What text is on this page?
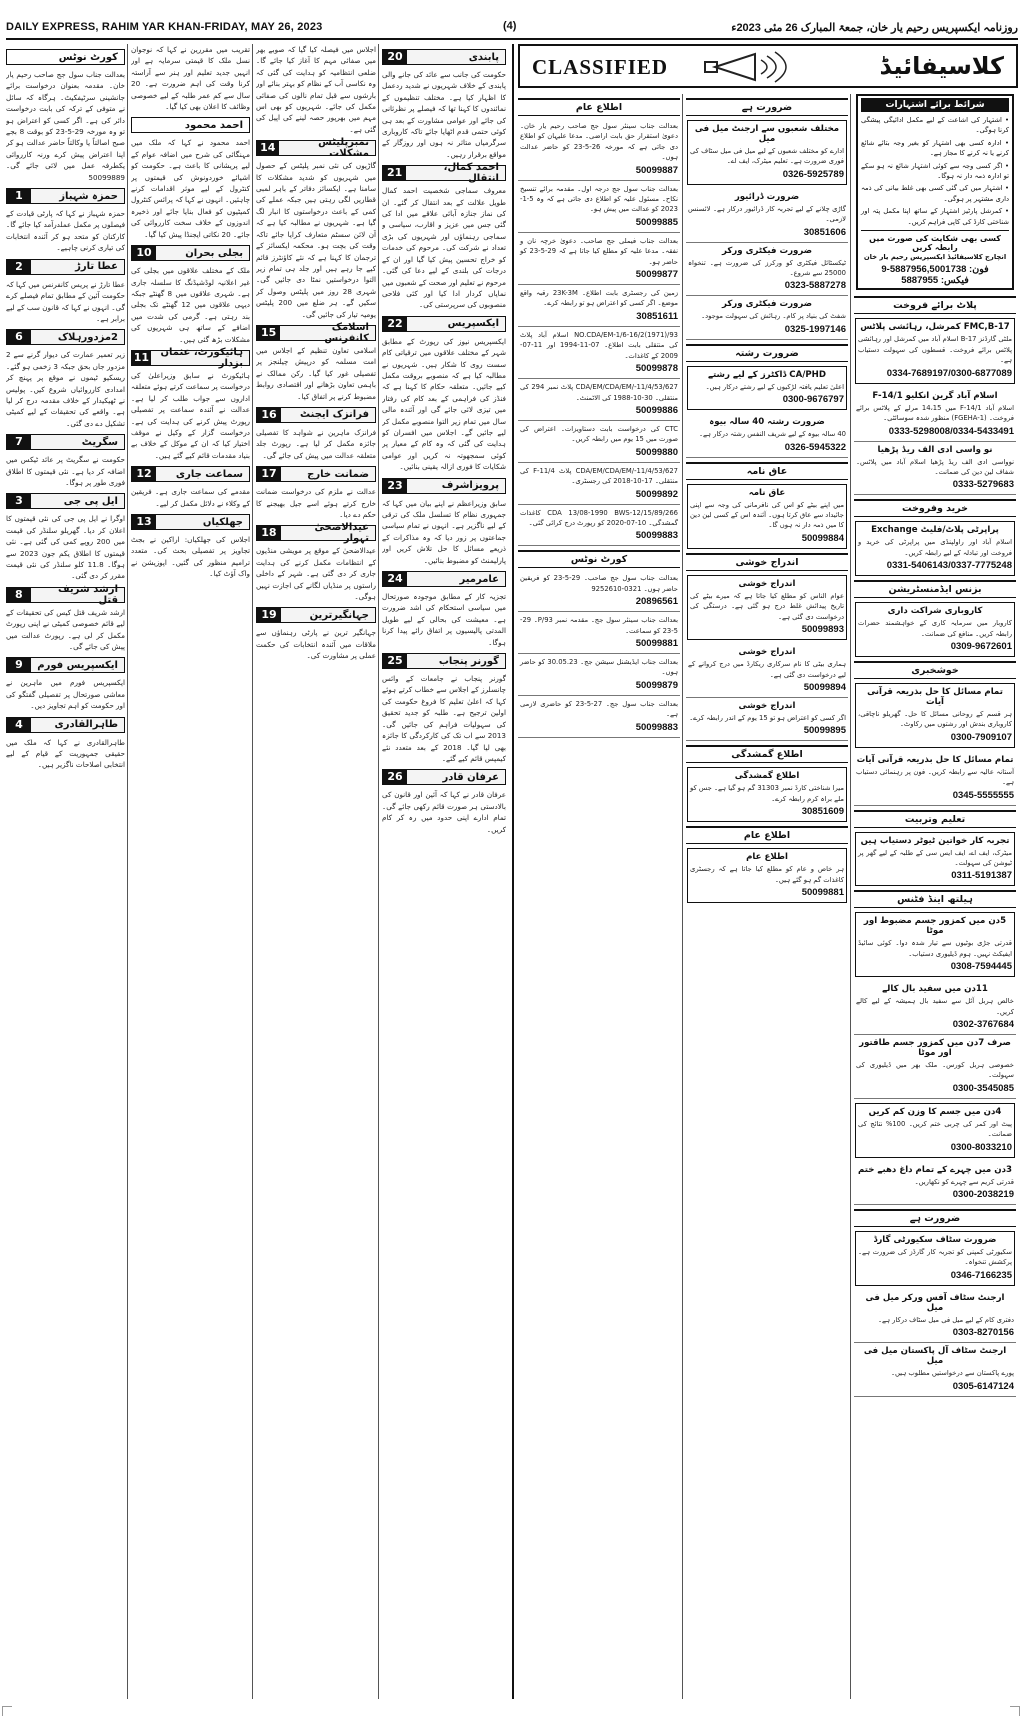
DAILY EXPRESS, RAHIM YAR KHAN-FRIDAY, MAY 26, 2023	(4)	روزنامہ ایکسپریس رحیم یار خان، جمعۃ المبارک 26 مئی 2023ء
پابندی
20

حکومت کی جانب سے عائد کی جانے والی پابندی کے خلاف شہریوں نے شدید ردعمل کا اظہار کیا ہے۔ مختلف تنظیموں کے نمائندوں کا کہنا تھا کہ فیصلے پر نظرثانی کی جائے اور عوامی مشاورت کے بعد ہی کوئی حتمی قدم اٹھایا جائے تاکہ کاروباری سرگرمیاں متاثر نہ ہوں اور روزگار کے مواقع برقرار رہیں۔

احمد کمال، انتقال
21

معروف سماجی شخصیت احمد کمال طویل علالت کے بعد انتقال کر گئے۔ ان کی نماز جنازہ آبائی علاقے میں ادا کی گئی جس میں عزیز و اقارب، سیاسی و سماجی رہنماؤں اور شہریوں کی بڑی تعداد نے شرکت کی۔ مرحوم کی خدمات کو خراج تحسین پیش کیا گیا اور ان کے درجات کی بلندی کے لیے دعا کی گئی۔ مرحوم نے تعلیم اور صحت کے شعبوں میں نمایاں کردار ادا کیا اور کئی فلاحی منصوبوں کی سرپرستی کی۔

ایکسپریس
22

ایکسپریس نیوز کی رپورٹ کے مطابق شہر کے مختلف علاقوں میں ترقیاتی کام سست روی کا شکار ہیں۔ شہریوں نے مطالبہ کیا ہے کہ منصوبے بروقت مکمل کیے جائیں۔ متعلقہ حکام کا کہنا ہے کہ فنڈز کی فراہمی کے بعد کام کی رفتار میں تیزی لائی جائے گی اور آئندہ مالی سال میں تمام زیر التوا منصوبے مکمل کر لیے جائیں گے۔ اجلاس میں افسران کو ہدایت کی گئی کہ وہ کام کے معیار پر کوئی سمجھوتہ نہ کریں اور عوامی شکایات کا فوری ازالہ یقینی بنائیں۔

پرویزاشرف
23

سابق وزیراعظم نے اپنے بیان میں کہا کہ جمہوری نظام کا تسلسل ملک کی ترقی کے لیے ناگزیر ہے۔ انہوں نے تمام سیاسی جماعتوں پر زور دیا کہ وہ مذاکرات کے ذریعے مسائل کا حل تلاش کریں اور پارلیمنٹ کو مضبوط بنائیں۔

عامرمیر
24

تجزیہ کار کے مطابق موجودہ صورتحال میں سیاسی استحکام کی اشد ضرورت ہے۔ معیشت کی بحالی کے لیے طویل المدتی پالیسیوں پر اتفاق رائے پیدا کرنا ہوگا۔

گورنر پنجاب
25

گورنر پنجاب نے جامعات کے وائس چانسلرز کے اجلاس سے خطاب کرتے ہوئے کہا کہ اعلیٰ تعلیم کا فروغ حکومت کی اولین ترجیح ہے۔ طلبہ کو جدید تحقیق کی سہولیات فراہم کی جائیں گی۔ 2013 سے اب تک کی کارکردگی کا جائزہ بھی لیا گیا۔ 2018 کے بعد متعدد نئے کیمپس قائم کیے گئے۔

عرفان قادر
26

عرفان قادر نے کہا کہ آئین اور قانون کی بالادستی ہر صورت قائم رکھی جائے گی۔ تمام ادارے اپنی حدود میں رہ کر کام کریں۔

اجلاس میں فیصلہ کیا گیا کہ صوبے بھر میں صفائی مہم کا آغاز کیا جائے گا۔ ضلعی انتظامیہ کو ہدایت کی گئی کہ وہ نکاسی آب کے نظام کو بہتر بنائے اور بارشوں سے قبل تمام نالوں کی صفائی مکمل کی جائے۔ شہریوں کو بھی اس مہم میں بھرپور حصہ لینے کی اپیل کی گئی ہے۔

نمبرپلیٹس مشکلات
14

گاڑیوں کی نئی نمبر پلیٹس کے حصول میں شہریوں کو شدید مشکلات کا سامنا ہے۔ ایکسائز دفاتر کے باہر لمبی قطاریں لگی رہتی ہیں جبکہ عملے کی کمی کے باعث درخواستوں کا انبار لگ گیا ہے۔ شہریوں نے مطالبہ کیا ہے کہ آن لائن سسٹم متعارف کرایا جائے تاکہ وقت کی بچت ہو۔ محکمہ ایکسائز کے ترجمان کا کہنا ہے کہ نئے کاؤنٹرز قائم کیے جا رہے ہیں اور جلد ہی تمام زیر التوا درخواستیں نمٹا دی جائیں گی۔ شہری 28 روز میں پلیٹس وصول کر سکیں گے۔ ہر ضلع میں 200 پلیٹس یومیہ تیار کی جائیں گی۔

اسلامک کانفرنس
15

اسلامی تعاون تنظیم کے اجلاس میں امت مسلمہ کو درپیش چیلنجز پر تفصیلی غور کیا گیا۔ رکن ممالک نے باہمی تعاون بڑھانے اور اقتصادی روابط مضبوط کرنے پر اتفاق کیا۔

فرانزک ایجنٹ
16

فرانزک ماہرین نے شواہد کا تفصیلی جائزہ مکمل کر لیا ہے۔ رپورٹ جلد متعلقہ عدالت میں پیش کی جائے گی۔

ضمانت خارج
17

عدالت نے ملزم کی درخواست ضمانت خارج کرتے ہوئے اسے جیل بھیجنے کا حکم دے دیا۔

عیدالاضحیٰ تہوار
18

عیدالاضحیٰ کے موقع پر مویشی منڈیوں کے انتظامات مکمل کرنے کی ہدایت جاری کر دی گئی ہے۔ شہر کے داخلی راستوں پر منڈیاں لگانے کی اجازت نہیں ہوگی۔

جہانگیرترین
19

جہانگیر ترین نے پارٹی رہنماؤں سے ملاقات میں آئندہ انتخابات کی حکمت عملی پر مشاورت کی۔

تقریب میں مقررین نے کہا کہ نوجوان نسل ملک کا قیمتی سرمایہ ہے اور انہیں جدید تعلیم اور ہنر سے آراستہ کرنا وقت کی اہم ضرورت ہے۔ 20 سال سے کم عمر طلبہ کے لیے خصوصی وظائف کا اعلان بھی کیا گیا۔

احمد محمود

احمد محمود نے کہا کہ ملک میں مہنگائی کی شرح میں اضافہ عوام کے لیے پریشانی کا باعث ہے۔ حکومت کو اشیائے خوردونوش کی قیمتوں پر کنٹرول کے لیے موثر اقدامات کرنے چاہئیں۔ انہوں نے کہا کہ پرائس کنٹرول کمیٹیوں کو فعال بنایا جائے اور ذخیرہ اندوزوں کے خلاف سخت کارروائی کی جائے۔ 20 نکاتی ایجنڈا پیش کیا گیا۔

بجلی بحران
10

ملک کے مختلف علاقوں میں بجلی کی غیر اعلانیہ لوڈشیڈنگ کا سلسلہ جاری ہے۔ شہری علاقوں میں 8 گھنٹے جبکہ دیہی علاقوں میں 12 گھنٹے تک بجلی بند رہتی ہے۔ گرمی کی شدت میں اضافے کے ساتھ ہی شہریوں کی مشکلات بڑھ گئی ہیں۔

ہائیکورٹ، عثمان بزدار
11

ہائیکورٹ نے سابق وزیراعلیٰ کی درخواست پر سماعت کرتے ہوئے متعلقہ اداروں سے جواب طلب کر لیا ہے۔ عدالت نے آئندہ سماعت پر تفصیلی رپورٹ پیش کرنے کی ہدایت کی ہے۔ درخواست گزار کے وکیل نے موقف اختیار کیا کہ ان کے موکل کے خلاف بے بنیاد مقدمات قائم کیے گئے ہیں۔

سماعت جاری
12

مقدمے کی سماعت جاری ہے۔ فریقین کے وکلاء نے دلائل مکمل کر لیے۔

جھلکیاں
13

اجلاس کی جھلکیاں: اراکین نے بجٹ تجاویز پر تفصیلی بحث کی۔ متعدد ترامیم منظور کی گئیں۔ اپوزیشن نے واک آؤٹ کیا۔

کورٹ نوٹس

بعدالت جناب سول جج صاحب رحیم یار خان۔ مقدمہ بعنوان درخواست برائے جانشینی سرٹیفکیٹ۔ ہرگاہ کہ سائل نے متوفی کے ترکہ کی بابت درخواست دائر کی ہے۔ اگر کسی کو اعتراض ہو تو وہ مورخہ 29-5-23 کو بوقت 8 بجے صبح اصالتاً یا وکالتاً حاضر عدالت ہو کر اپنا اعتراض پیش کرے ورنہ کارروائی یکطرفہ عمل میں لائی جائے گی۔ 50099889

حمزہ شہباز
1

حمزہ شہباز نے کہا کہ پارٹی قیادت کے فیصلوں پر مکمل عملدرآمد کیا جائے گا۔ کارکنان کو متحد ہو کر آئندہ انتخابات کی تیاری کرنی چاہیے۔

عطا تارڑ
2

عطا تارڑ نے پریس کانفرنس میں کہا کہ حکومت آئین کے مطابق تمام فیصلے کرے گی۔ انہوں نے کہا کہ قانون سب کے لیے برابر ہے۔

2مزدورہلاک
6

زیر تعمیر عمارت کی دیوار گرنے سے 2 مزدور جاں بحق جبکہ 3 زخمی ہو گئے۔ ریسکیو ٹیموں نے موقع پر پہنچ کر امدادی کارروائیاں شروع کیں۔ پولیس نے ٹھیکیدار کے خلاف مقدمہ درج کر لیا ہے۔ واقعے کی تحقیقات کے لیے کمیٹی تشکیل دے دی گئی۔

سگریٹ
7

حکومت نے سگریٹ پر عائد ٹیکس میں اضافہ کر دیا ہے۔ نئی قیمتوں کا اطلاق فوری طور پر ہوگا۔

ایل پی جی
3

اوگرا نے ایل پی جی کی نئی قیمتوں کا اعلان کر دیا۔ گھریلو سلنڈر کی قیمت میں 200 روپے کمی کی گئی ہے۔ نئی قیمتوں کا اطلاق یکم جون 2023 سے ہوگا۔ 11.8 کلو سلنڈر کی نئی قیمت مقرر کر دی گئی۔

ارشد شریف قتل
8

ارشد شریف قتل کیس کی تحقیقات کے لیے قائم خصوصی کمیٹی نے اپنی رپورٹ مکمل کر لی ہے۔ رپورٹ عدالت میں پیش کی جائے گی۔

ایکسپریس فورم
9

ایکسپریس فورم میں ماہرین نے معاشی صورتحال پر تفصیلی گفتگو کی اور حکومت کو اہم تجاویز دیں۔

طاہرالقادری
4

طاہرالقادری نے کہا کہ ملک میں حقیقی جمہوریت کے قیام کے لیے انتخابی اصلاحات ناگزیر ہیں۔

CLASSIFIED	کلاسیفائیڈ
شرائط برائے اشتہارات
• اشتہار کی اشاعت کے لیے مکمل ادائیگی پیشگی کرنا ہوگی۔
• ادارہ کسی بھی اشتہار کو بغیر وجہ بتائے شائع کرنے یا نہ کرنے کا مجاز ہے۔
• اگر کسی وجہ سے کوئی اشتہار شائع نہ ہو سکے تو ادارہ ذمہ دار نہ ہوگا۔
• اشتہار میں کی گئی کسی بھی غلط بیانی کی ذمہ داری مشتہر پر ہوگی۔
• کمرشل پارٹیز اشتہار کے ساتھ اپنا مکمل پتہ اور شناختی کارڈ کی کاپی فراہم کریں۔
کسی بھی شکایت کی صورت میں رابطہ کریں
انچارج کلاسیفائیڈ ایکسپریس رحیم یار خان
فون: 5887956,5001738-9
فیکس: 5887955
پلاٹ برائے فروخت
FMC,B-17 کمرشل، رہائشی پلاٹس
ملٹی گارڈنز B-17 اسلام آباد میں کمرشل اور رہائشی پلاٹس برائے فروخت۔ قسطوں کی سہولت دستیاب ہے۔
0334-7689197/0300-6877089
اسلام آباد گرین انکلیو F-14/1
اسلام آباد F-14/1 میں 14،15 مرلے کے پلاٹس برائے فروخت۔ (FGEHA-1) منظور شدہ سوسائٹی۔
0333-5298008/0334-5433491
نو واسی ادی الف ریڈ پڑھیا
نوواسی ادی الف ریڈ پڑھیا اسلام آباد میں پلاٹس۔ شفاف لین دین کی ضمانت۔
0333-5279683
خرید وفروخت
پراپرٹی پلاٹ/فلیٹ Exchange
اسلام آباد اور راولپنڈی میں پراپرٹی کی خرید و فروخت اور تبادلہ کے لیے رابطہ کریں۔
0331-5406143/0337-7775248
بزنس ایڈمنسٹریشن
کاروباری شراکت داری
کاروبار میں سرمایہ کاری کے خواہشمند حضرات رابطہ کریں۔ منافع کی ضمانت۔
0309-9672601
خوشخبری
تمام مسائل کا حل بذریعہ قرآنی آیات
ہر قسم کے روحانی مسائل کا حل۔ گھریلو ناچاقی، کاروباری بندش اور رشتوں میں رکاوٹ۔
0300-7909107
تمام مسائل کا حل بذریعہ قرآنی آیات
آستانہ عالیہ سے رابطہ کریں۔ فون پر رہنمائی دستیاب ہے۔
0345-5555555
تعلیم وتربیت
تجربہ کار خواتین ٹیوٹر دستیاب ہیں
میٹرک، ایف اے، ایف ایس سی کے طلبہ کے لیے گھر پر ٹیوشن کی سہولت۔
0311-5191387
ہیلتھ اینڈ فٹنس
5دن میں کمزور جسم مضبوط اور موٹا
قدرتی جڑی بوٹیوں سے تیار شدہ دوا۔ کوئی سائیڈ ایفیکٹ نہیں۔ ہوم ڈیلیوری دستیاب۔
0308-7594445
11دن میں سفید بال کالے
خالص ہربل آئل سے سفید بال ہمیشہ کے لیے کالے کریں۔
0302-3767684
صرف 7دن میں کمزور جسم طاقتور اور موٹا
خصوصی ہربل کورس۔ ملک بھر میں ڈیلیوری کی سہولت۔
0300-3545085
4دن میں جسم کا وزن کم کریں
پیٹ اور کمر کی چربی ختم کریں۔ 100% نتائج کی ضمانت۔
0300-8033210
3دن میں چہرے کے تمام داغ دھبے ختم
قدرتی کریم سے چہرے کو نکھاریں۔
0300-2038219
ضرورت ہے
ضرورت سٹاف سکیورٹی گارڈ
سکیورٹی کمپنی کو تجربہ کار گارڈز کی ضرورت ہے۔ پرکشش تنخواہ۔
0346-7166235
ارجنٹ سٹاف آفس ورکر میل فی میل
دفتری کام کے لیے میل فی میل سٹاف درکار ہے۔
0303-8270156
ارجنٹ سٹاف آل پاکستان میل فی میل
پورے پاکستان سے درخواستیں مطلوب ہیں۔
0305-6147124
ضرورت ہے
مختلف شعبوں سے ارجنٹ میل فی میل
ادارے کو مختلف شعبوں کے لیے میل فی میل سٹاف کی فوری ضرورت ہے۔ تعلیم میٹرک، ایف اے۔
0326-5925789
ضرورت ڈرائیور
گاڑی چلانے کے لیے تجربہ کار ڈرائیور درکار ہے۔ لائسنس لازمی۔
30851606
ضرورت فیکٹری ورکر
ٹیکسٹائل فیکٹری کو ورکرز کی ضرورت ہے۔ تنخواہ 25000 سے شروع۔
0323-5887278
ضرورت فیکٹری ورکر
شفٹ کی بنیاد پر کام۔ رہائش کی سہولت موجود۔
0325-1997146
ضرورت رشتہ
CA/PHD ڈاکٹرز کے لیے رشتے
اعلیٰ تعلیم یافتہ لڑکیوں کے لیے رشتے درکار ہیں۔
0300-9676797
ضرورت رشتہ 40 سالہ بیوہ
40 سالہ بیوہ کے لیے شریف النفس رشتہ درکار ہے۔
0326-5945322
عاق نامہ
عاق نامہ
میں اپنے بیٹے کو اس کی نافرمانی کی وجہ سے اپنی جائیداد سے عاق کرتا ہوں۔ آئندہ اس کے کسی لین دین کا میں ذمہ دار نہ ہوں گا۔
50099884
اندراج خوشی
اندراج خوشی
عوام الناس کو مطلع کیا جاتا ہے کہ میرے بیٹے کی تاریخ پیدائش غلط درج ہو گئی ہے۔ درستگی کی درخواست دی گئی ہے۔
50099893
اندراج خوشی
ہماری بیٹی کا نام سرکاری ریکارڈ میں درج کروانے کے لیے درخواست دی گئی ہے۔
50099894
اندراج خوشی
اگر کسی کو اعتراض ہو تو 15 یوم کے اندر رابطہ کرے۔
50099895
اطلاع گمشدگی
اطلاع گمشدگی
میرا شناختی کارڈ نمبر 31303 گم ہو گیا ہے۔ جس کو ملے براہ کرم رابطہ کرے۔
30851609
اطلاع عام
اطلاع عام
ہر خاص و عام کو مطلع کیا جاتا ہے کہ رجسٹری کاغذات گم ہو گئے ہیں۔
50099881
اطلاع عام
بعدالت جناب سینئر سول جج صاحب رحیم یار خان۔ دعویٰ استقرار حق بابت اراضی۔ مدعا علیہان کو اطلاع دی جاتی ہے کہ مورخہ 26-5-23 کو حاضر عدالت ہوں۔
50099887
بعدالت جناب سول جج درجہ اول۔ مقدمہ برائے تنسیخ نکاح۔ مسئول علیہ کو اطلاع دی جاتی ہے کہ وہ 5-1-2023 کو عدالت میں پیش ہو۔
50099885
بعدالت جناب فیملی جج صاحب۔ دعویٰ خرچہ نان و نفقہ۔ مدعا علیہ کو مطلع کیا جاتا ہے کہ 29-5-23 کو حاضر ہو۔
50099877
زمین کی رجسٹری بابت اطلاع۔ 23K-3M رقبہ واقع موضع۔ اگر کسی کو اعتراض ہو تو رابطہ کرے۔
30851611
NO.CDA/EM-1/6-16/2(1971)/93 اسلام آباد پلاٹ کی منتقلی بابت اطلاع۔ 07-11-1994 اور 11-07-2009 کے کاغذات۔
50099878
CDA/EM/CDA/EM/-11/4/53/627 پلاٹ نمبر 294 کی منتقلی۔ 30-10-1988 کی الاٹمنٹ۔
50099886
CTC کی درخواست بابت دستاویزات۔ اعتراض کی صورت میں 15 یوم میں رابطہ کریں۔
50099880
CDA/EM/CDA/EM/-11/4/53/627 پلاٹ F-11/4 کی منتقلی۔ 17-10-2018 کی رجسٹری۔
50099892
CDA 13/08-1990 BWS-12/15/89/266 کاغذات گمشدگی۔ 10-07-2020 کو رپورٹ درج کرائی گئی۔
50099883
کورٹ نوٹس
بعدالت جناب سول جج صاحب۔ 29-5-23 کو فریقین حاضر ہوں۔ 0321-9252610
20896561
بعدالت جناب سینئر سول جج۔ مقدمہ نمبر 93/P۔ 29-5-23 کو سماعت۔
50099881
بعدالت جناب ایڈیشنل سیشن جج۔ 30.05.23 کو حاضر ہوں۔
50099879
بعدالت جناب سول جج۔ 27-5-23 کو حاضری لازمی ہے۔
50099883
